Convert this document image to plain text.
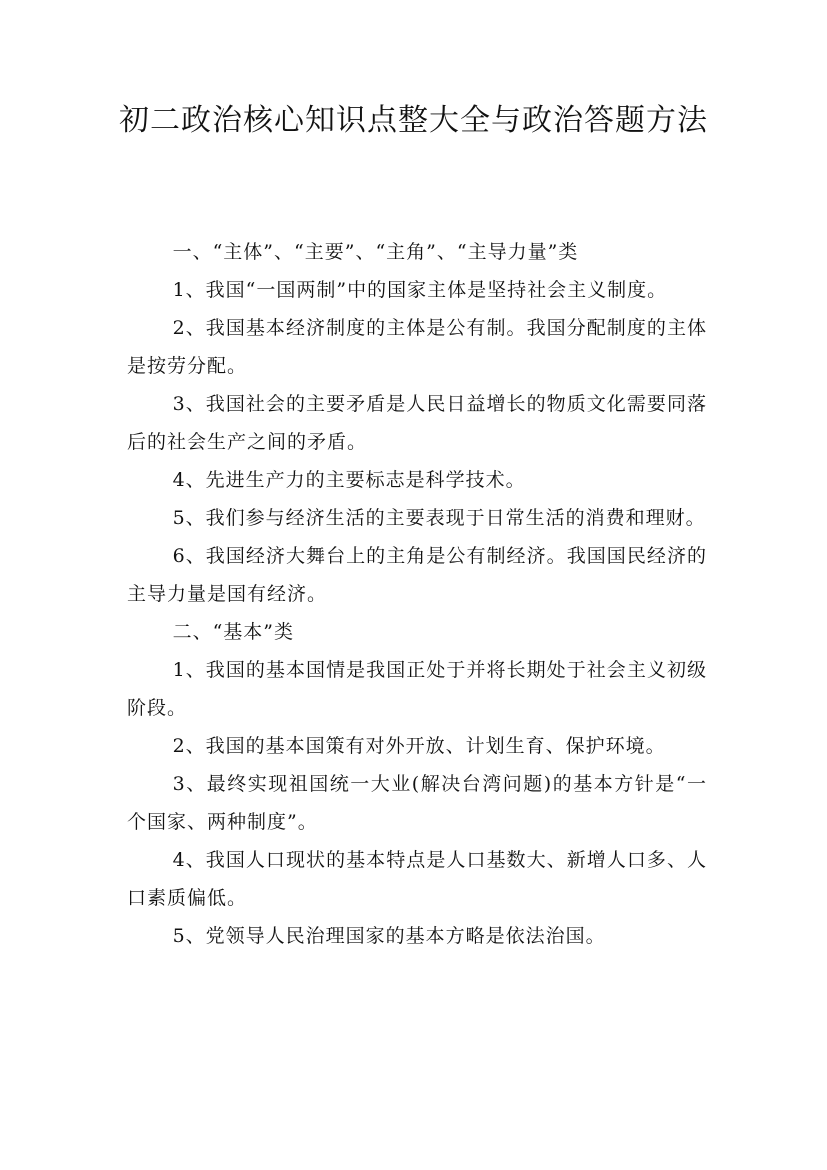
初二政治核心知识点整大全与政治答题方法

一、“主体”、“主要”、“主角”、“主导力量”类

1、我国“一国两制”中的国家主体是坚持社会主义制度。

2、我国基本经济制度的主体是公有制。我国分配制度的主体是按劳分配。

3、我国社会的主要矛盾是人民日益增长的物质文化需要同落后的社会生产之间的矛盾。

4、先进生产力的主要标志是科学技术。

5、我们参与经济生活的主要表现于日常生活的消费和理财。

6、我国经济大舞台上的主角是公有制经济。我国国民经济的主导力量是国有经济。

二、“基本”类

1、我国的基本国情是我国正处于并将长期处于社会主义初级阶段。

2、我国的基本国策有对外开放、计划生育、保护环境。

3、最终实现祖国统一大业(解决台湾问题)的基本方针是“一个国家、两种制度”。

4、我国人口现状的基本特点是人口基数大、新增人口多、人口素质偏低。

5、党领导人民治理国家的基本方略是依法治国。
